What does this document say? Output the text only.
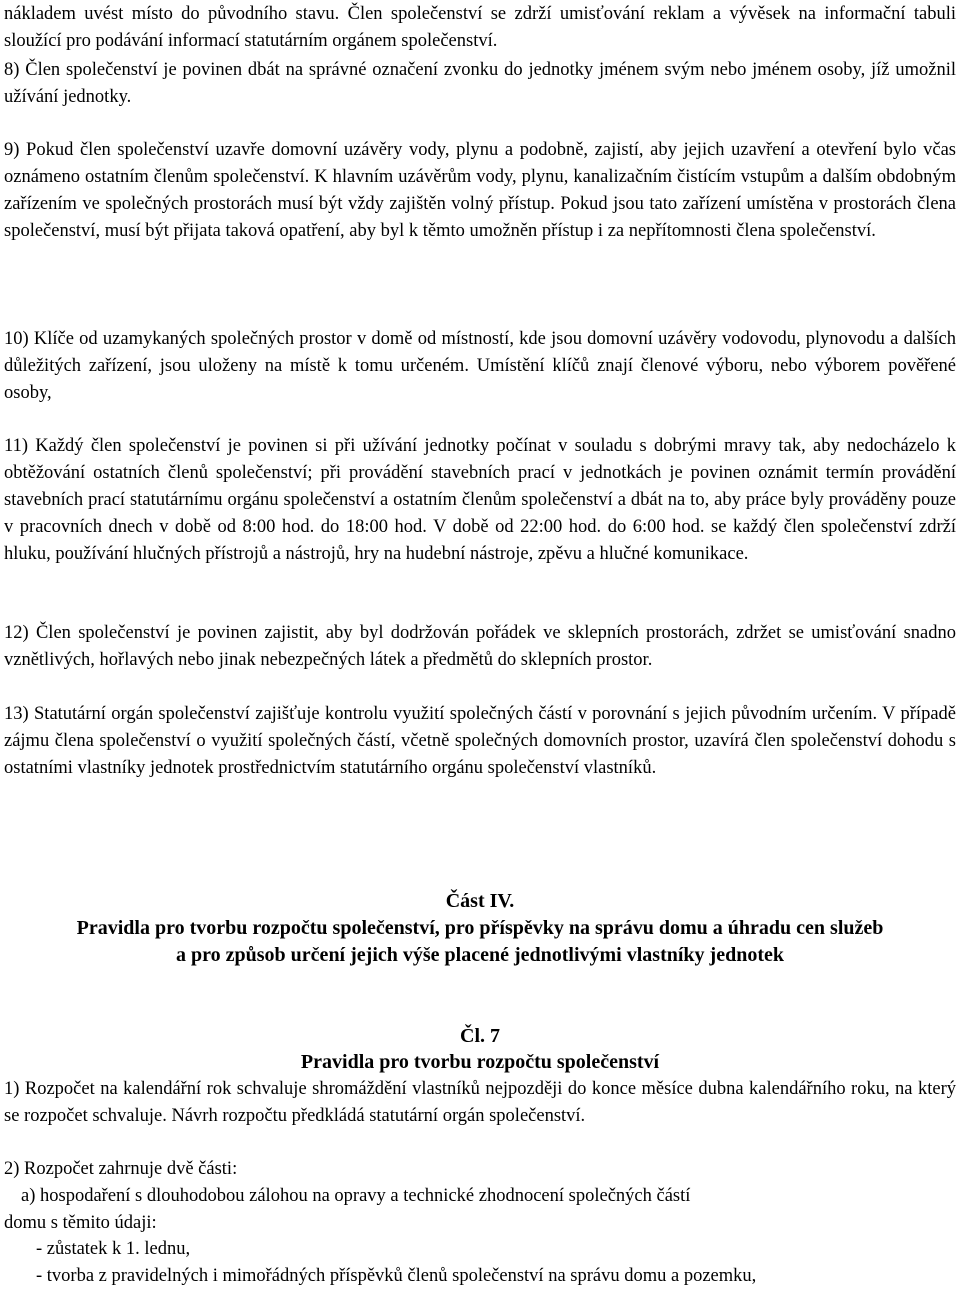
nákladem uvést místo do původního stavu. Člen společenství se zdrží umisťování reklam a vývěsek na informační tabuli sloužící pro podávání informací statutárním orgánem společenství.

8) Člen společenství je povinen dbát na správné označení zvonku do jednotky jménem svým nebo jménem osoby, jíž umožnil užívání jednotky.

9) Pokud člen společenství uzavře domovní uzávěry vody, plynu a podobně, zajistí, aby jejich uzavření a otevření bylo včas oznámeno ostatním členům společenství. K hlavním uzávěrům vody, plynu, kanalizačním čistícím vstupům a dalším obdobným zařízením ve společných prostorách musí být vždy zajištěn volný přístup. Pokud jsou tato zařízení umístěna v prostorách člena společenství, musí být přijata taková opatření, aby byl k těmto umožněn přístup i za nepřítomnosti člena společenství.

10) Klíče od uzamykaných společných prostor v domě od místností, kde jsou domovní uzávěry vodovodu, plynovodu a dalších důležitých zařízení, jsou uloženy na místě k tomu určeném. Umístění klíčů znají členové výboru, nebo výborem pověřené osoby,

11) Každý člen společenství je povinen si při užívání jednotky počínat v souladu s dobrými mravy tak, aby nedocházelo k obtěžování ostatních členů společenství; při provádění stavebních prací v jednotkách je povinen oznámit termín provádění stavebních prací statutárnímu orgánu společenství a ostatním členům společenství a dbát na to, aby práce byly prováděny pouze v pracovních dnech v době od 8:00 hod. do 18:00 hod. V době od 22:00 hod. do 6:00 hod. se každý člen společenství zdrží hluku, používání hlučných přístrojů a nástrojů, hry na hudební nástroje, zpěvu a hlučné komunikace.

12) Člen společenství je povinen zajistit, aby byl dodržován pořádek ve sklepních prostorách, zdržet se umisťování snadno vznětlivých, hořlavých nebo jinak nebezpečných látek a předmětů do sklepních prostor.

13) Statutární orgán společenství zajišťuje kontrolu využití společných částí v porovnání s jejich původním určením. V případě zájmu člena společenství o využití společných částí, včetně společných domovních prostor, uzavírá člen společenství dohodu s ostatními vlastníky jednotek prostřednictvím statutárního orgánu společenství vlastníků.

Část IV.

Pravidla pro tvorbu rozpočtu společenství, pro příspěvky na správu domu a úhradu cen služeb

a pro způsob určení jejich výše placené jednotlivými vlastníky jednotek

Čl. 7

Pravidla pro tvorbu rozpočtu společenství

1) Rozpočet na kalendářní rok schvaluje shromáždění vlastníků nejpozději do konce měsíce dubna kalendářního roku, na který se rozpočet schvaluje. Návrh rozpočtu předkládá statutární orgán společenství.

2) Rozpočet zahrnuje dvě části:

a) hospodaření s dlouhodobou zálohou na opravy a technické zhodnocení společných částí

domu s těmito údaji:

- zůstatek k 1. lednu,

- tvorba z pravidelných i mimořádných příspěvků členů společenství na správu domu a pozemku,
